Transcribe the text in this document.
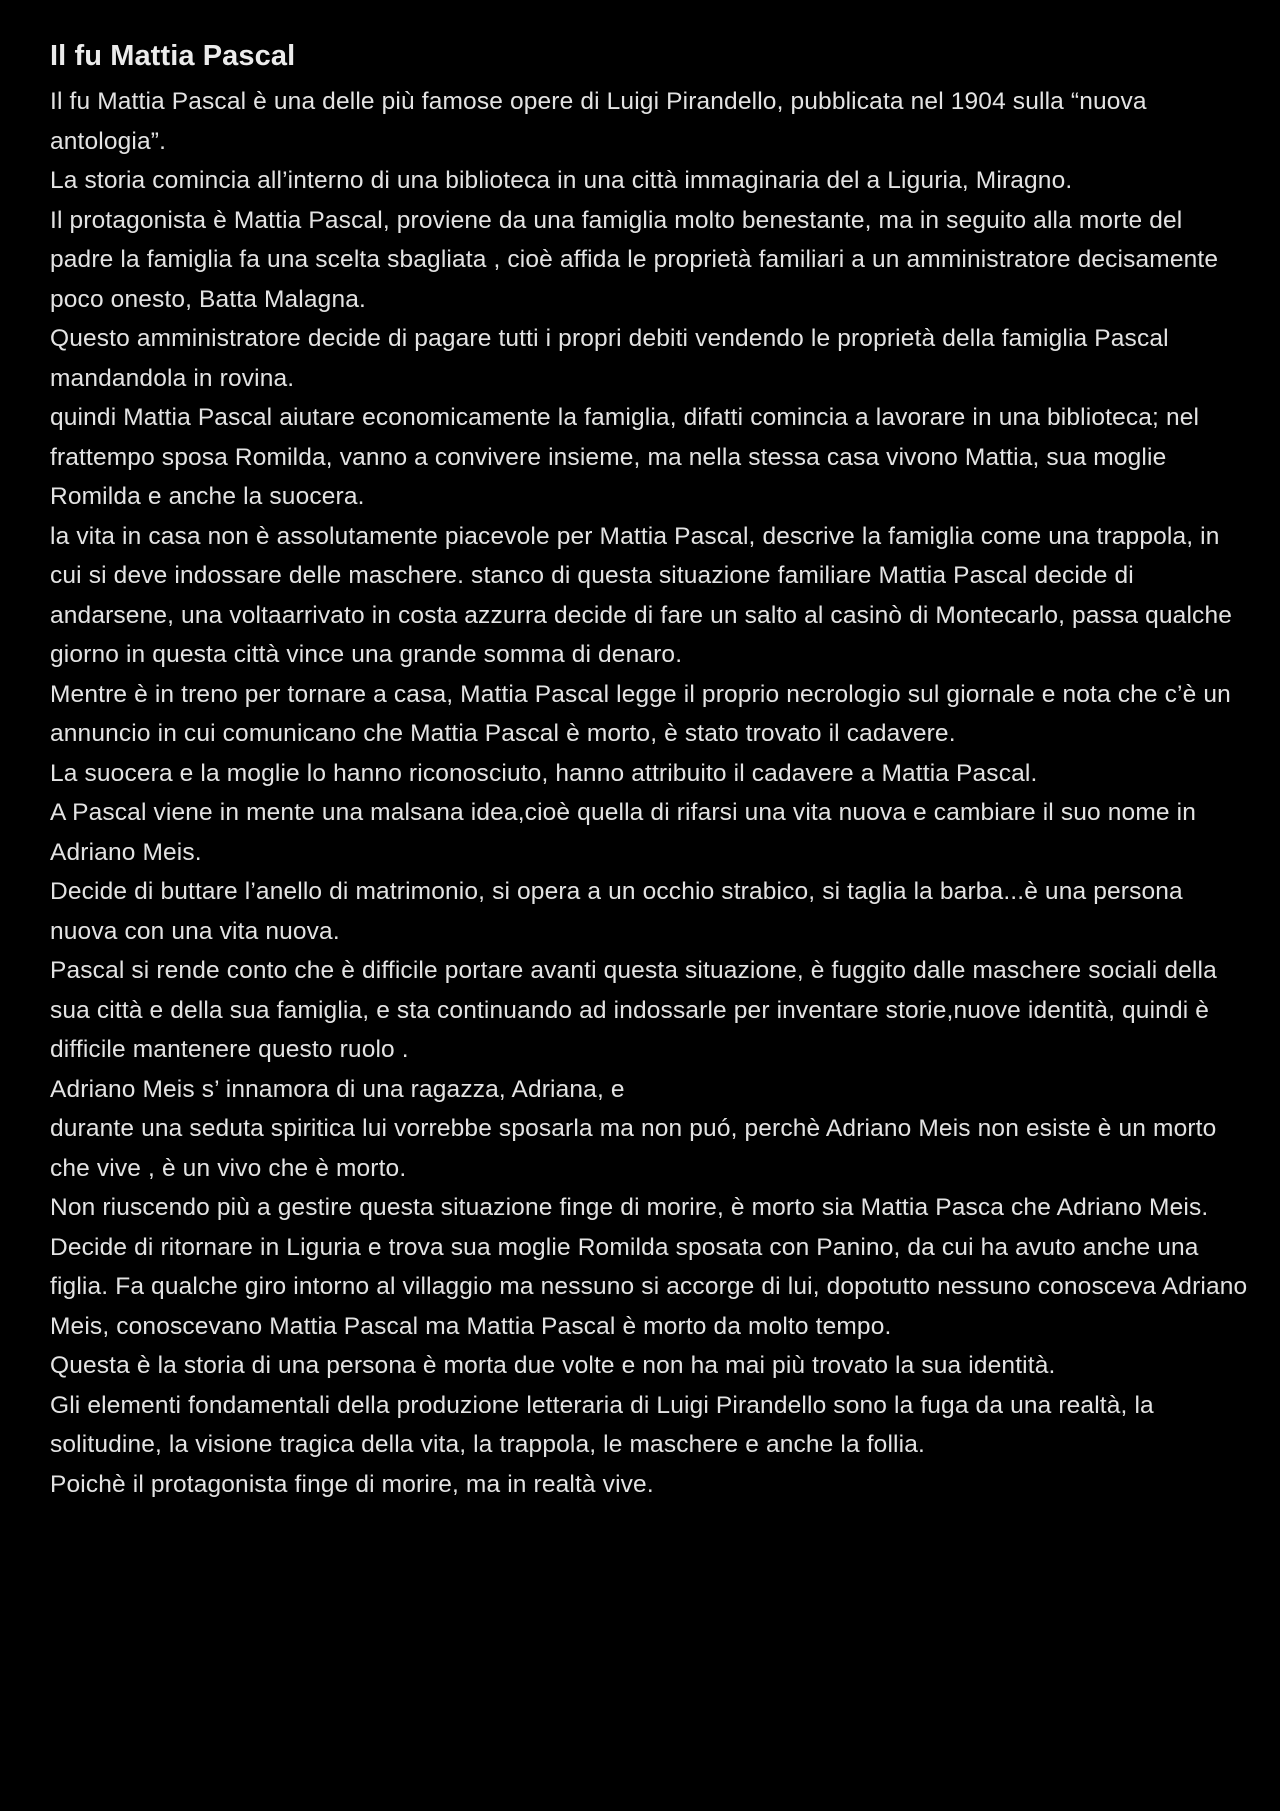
Il fu Mattia Pascal

Il fu Mattia Pascal è una delle più famose opere di Luigi Pirandello, pubblicata nel 1904 sulla “nuova antologia”.

La storia comincia all’interno di una biblioteca in una città immaginaria del a Liguria, Miragno.

Il protagonista è Mattia Pascal, proviene da una famiglia molto benestante, ma in seguito alla morte del padre la famiglia fa una scelta sbagliata , cioè affida le proprietà familiari a un amministratore decisamente poco onesto, Batta Malagna.

Questo amministratore decide di pagare tutti i propri debiti vendendo le proprietà della famiglia Pascal mandandola in rovina.

quindi Mattia Pascal aiutare economicamente la famiglia, difatti comincia a lavorare in una biblioteca; nel frattempo sposa Romilda, vanno a convivere insieme, ma nella stessa casa vivono Mattia, sua moglie Romilda e anche la suocera.

la vita in casa non è assolutamente piacevole per Mattia Pascal, descrive la famiglia come una trappola, in cui si deve indossare delle maschere. stanco di questa situazione familiare Mattia Pascal decide di andarsene, una voltaarrivato in costa azzurra decide di fare un salto al casinò di Montecarlo, passa qualche giorno in questa città vince una grande somma di denaro.

Mentre è in treno per tornare a casa, Mattia Pascal legge il proprio necrologio sul giornale e nota che c’è un annuncio in cui comunicano che Mattia Pascal è morto, è stato trovato il cadavere.

La suocera e la moglie lo hanno riconosciuto, hanno attribuito il cadavere a Mattia Pascal.

A Pascal viene in mente una malsana idea,cioè quella di rifarsi una vita nuova e cambiare il suo nome in Adriano Meis.

Decide di buttare l’anello di matrimonio, si opera a un occhio strabico, si taglia la barba...è una persona nuova con una vita nuova.

Pascal si rende conto che è difficile portare avanti questa situazione, è fuggito dalle maschere sociali della sua città e della sua famiglia, e sta continuando ad indossarle per inventare storie,nuove identità, quindi è difficile mantenere questo ruolo .

Adriano Meis s’ innamora di una ragazza, Adriana, e

durante una seduta spiritica lui vorrebbe sposarla ma non puó, perchè Adriano Meis non esiste è un morto che vive , è un vivo che è morto.

Non riuscendo più a gestire questa situazione finge di morire, è morto sia Mattia Pasca che Adriano Meis.

Decide di ritornare in Liguria e trova sua moglie Romilda sposata con Panino, da cui ha avuto anche una figlia. Fa qualche giro intorno al villaggio ma nessuno si accorge di lui, dopotutto nessuno conosceva Adriano Meis, conoscevano Mattia Pascal ma Mattia Pascal è morto da molto tempo.

Questa è la storia di una persona è morta due volte e non ha mai più trovato la sua identità.

Gli elementi fondamentali della produzione letteraria di Luigi Pirandello sono la fuga da una realtà, la solitudine, la visione tragica della vita, la trappola, le maschere e anche la follia.

Poichè il protagonista finge di morire, ma in realtà vive.
